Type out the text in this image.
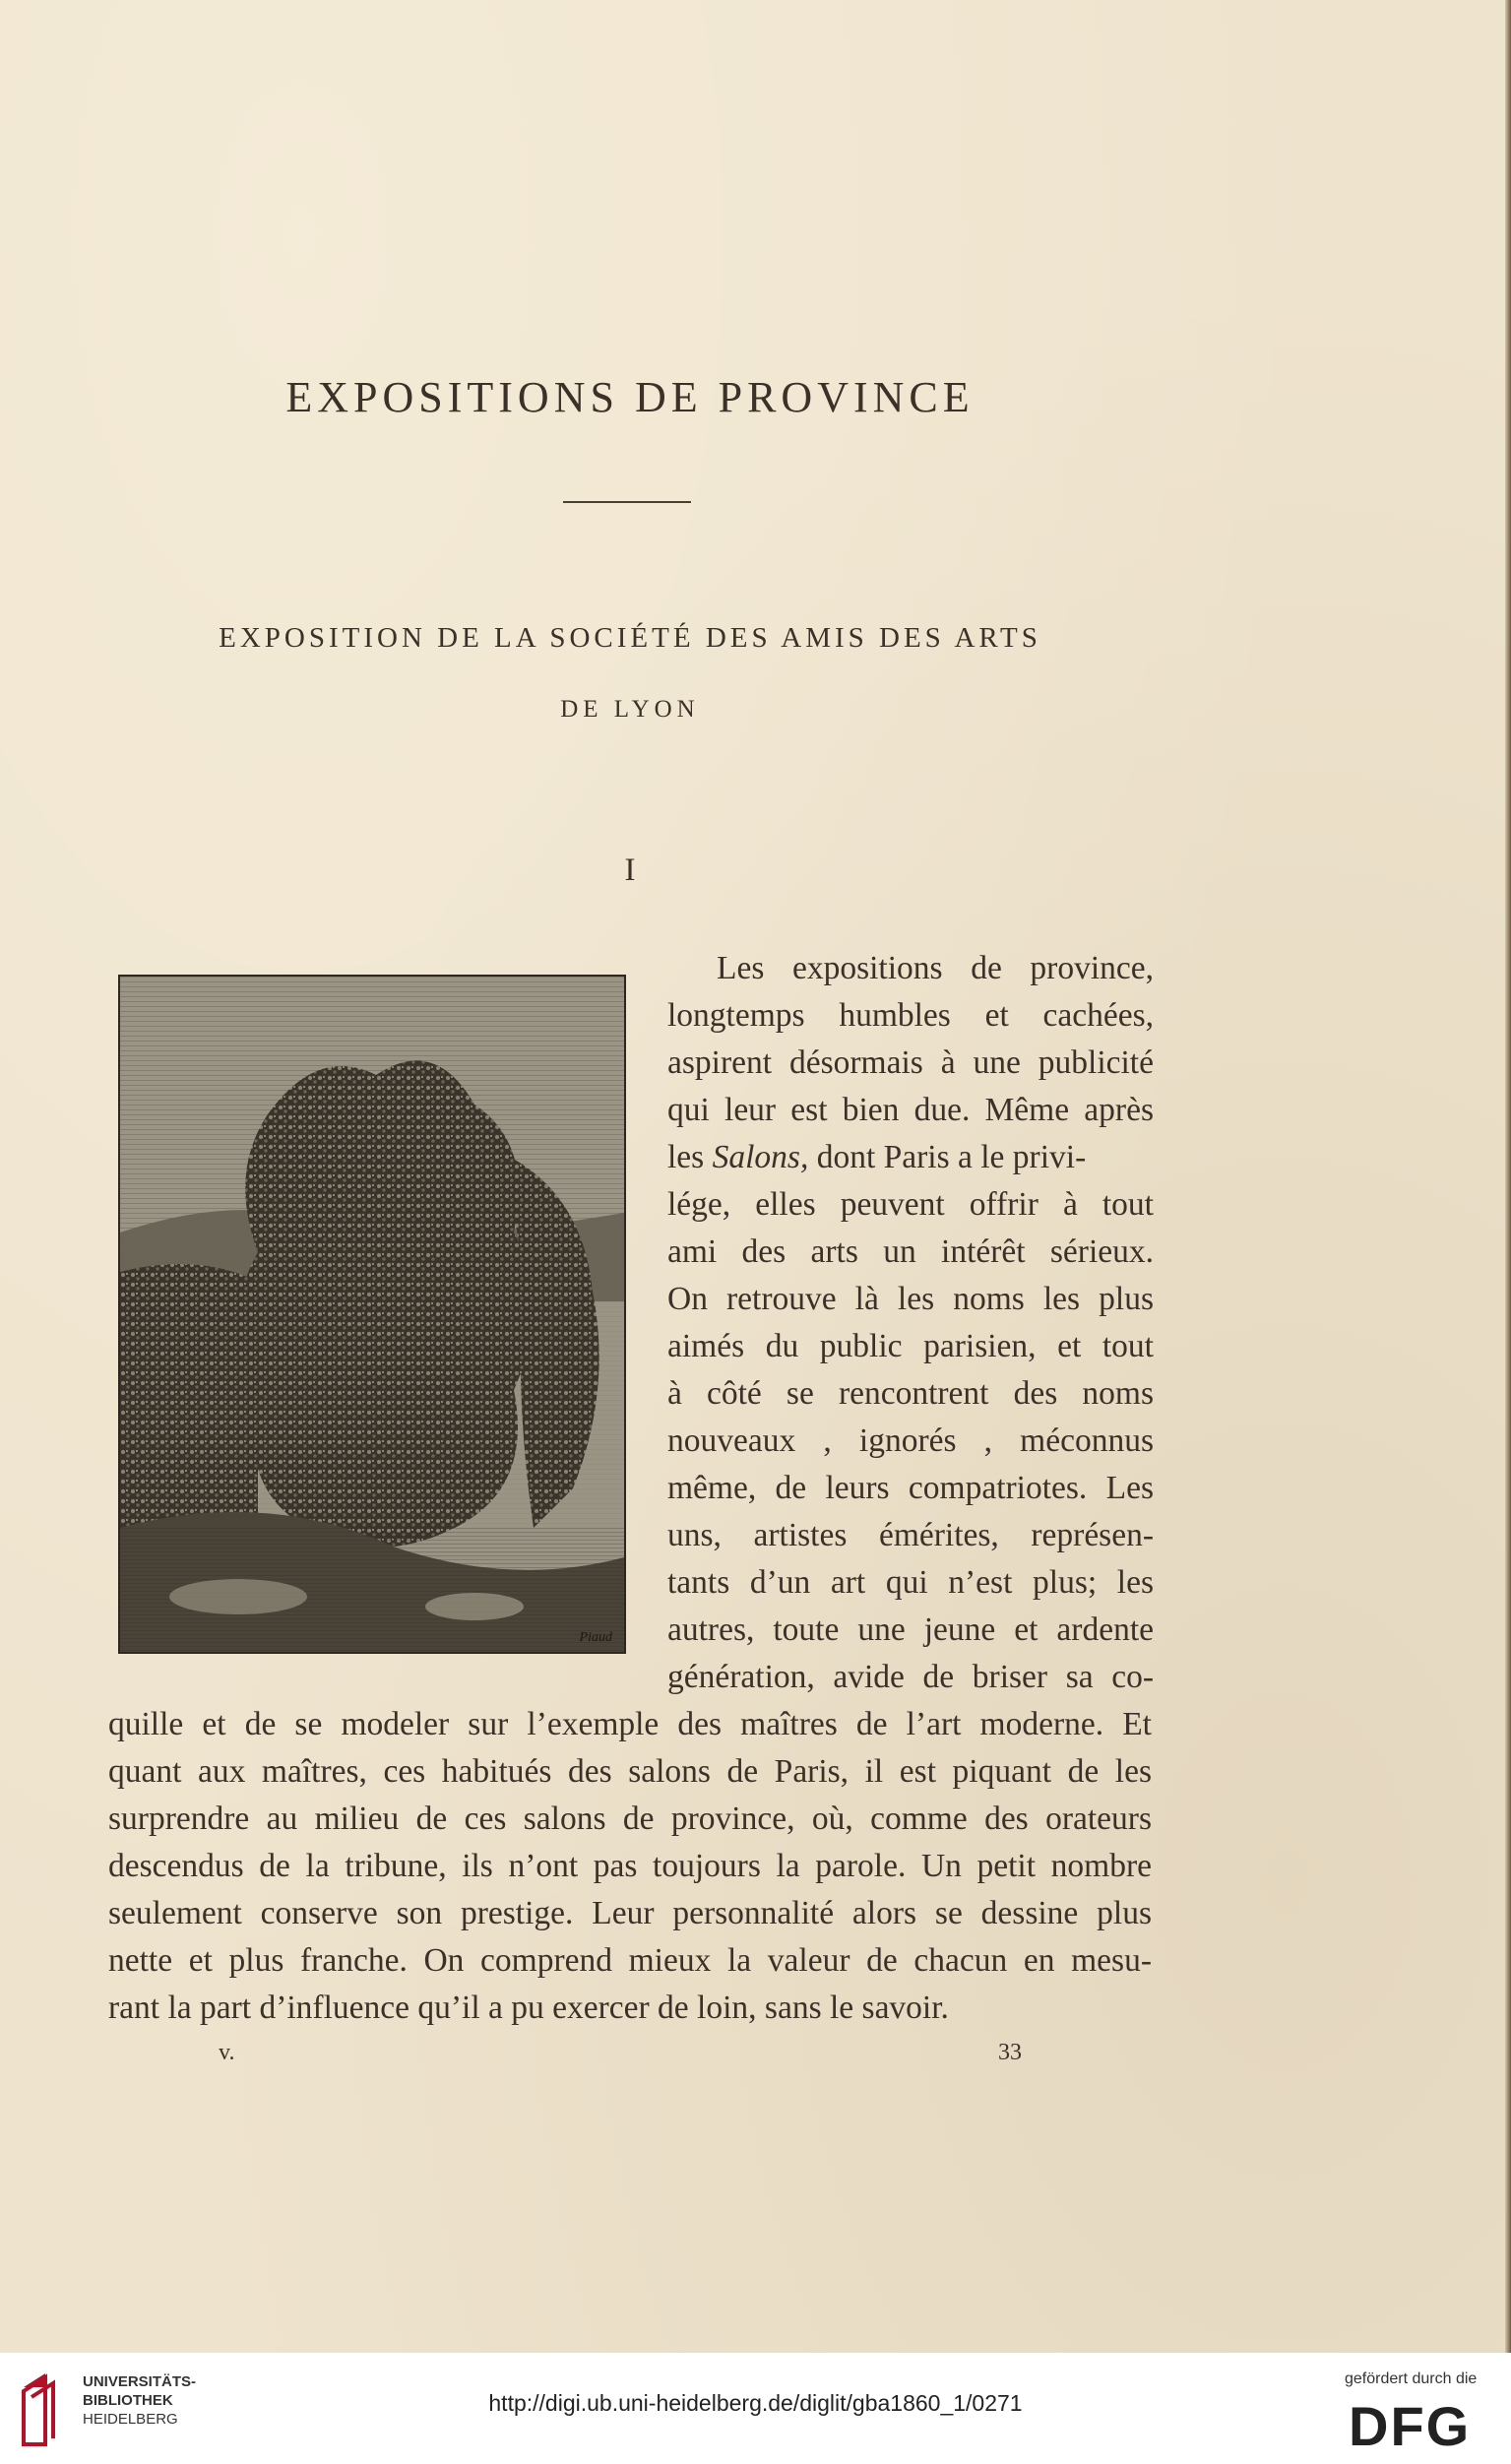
EXPOSITIONS DE PROVINCE
EXPOSITION DE LA SOCIÉTÉ DES AMIS DES ARTS
DE LYON
I
Piaud
Les expositions de province,
longtemps humbles et cachées,
aspirent désormais à une publicité
qui leur est bien due. Même après
les Salons, dont Paris a le privi-
lége, elles peuvent offrir à tout
ami des arts un intérêt sérieux.
On retrouve là les noms les plus
aimés du public parisien, et tout
à côté se rencontrent des noms
nouveaux , ignorés , méconnus
même, de leurs compatriotes. Les
uns, artistes émérites, représen-
tants d’un art qui n’est plus; les
autres, toute une jeune et ardente
génération, avide de briser sa co-
quille et de se modeler sur l’exemple des maîtres de l’art moderne. Et
quant aux maîtres, ces habitués des salons de Paris, il est piquant de les
surprendre au milieu de ces salons de province, où, comme des orateurs
descendus de la tribune, ils n’ont pas toujours la parole. Un petit nombre
seulement conserve son prestige. Leur personnalité alors se dessine plus
nette et plus franche. On comprend mieux la valeur de chacun en mesu-
rant la part d’influence qu’il a pu exercer de loin, sans le savoir.
v.	33
UNIVERSITÄTS-
BIBLIOTHEK
HEIDELBERG
http://digi.ub.uni-heidelberg.de/diglit/gba1860_1/0271
gefördert durch die
DFG
